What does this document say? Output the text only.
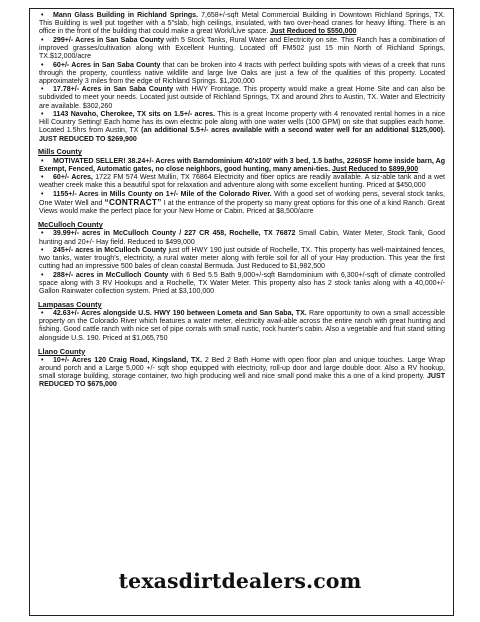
• Mann Glass Building in Richland Springs. 7,658+/-sqft Metal Commercial Building in Downtown Richland Springs, TX. This Building is well put together with a 5"slab, high ceilings, insulated, with two over-head cranes for heavy lifting. There is an office in the front of the building that could make a great Work/Live space. Just Reduced to $550,000
• 299+/- Acres in San Saba County with 5 Stock Tanks, Rural Water and Electricity on site. This Ranch has a combination of improved grasses/cultivation along with Excellent Hunting. Located off FM502 just 15 min North of Richland Springs, TX.$12,000/acre
• 60+/- Acres in San Saba County that can be broken into 4 tracts with perfect building spots with views of a creek that runs through the property, countless native wildlife and large live Oaks are just a few of the qualities of this property. Located approximately 3 miles from the edge of Richland Springs. $1,200,000
• 17.78+/- Acres in San Saba County with HWY Frontage. This property would make a great Home Site and can also be subdivided to meet your needs. Located just outside of Richland Springs, TX and around 2hrs to Austin, TX. Water and Electricity are available. $302,260
• 1143 Navaho, Cherokee, TX sits on 1.5+/- acres. This is a great Income property with 4 renovated rental homes in a nice Hill Country Setting! Each home has its own electric pole along with one water wells (100 GPM) on site that supplies each home. Located 1.5hrs from Austin, TX (an additional 5.5+/- acres available with a second water well for an additional $125,000). JUST REDUCED TO $269,900
Mills County
• MOTIVATED SELLER! 38.24+/- Acres with Barndominium 40'x100' with 3 bed, 1.5 baths, 2260SF home inside barn, Ag Exempt, Fenced, Automatic gates, no close neighbors, good hunting, many ameni-ties. Just Reduced to $899,900
• 60+/- Acres, 1722 FM 574 West Mullin, TX 76864 Electricity and fiber optics are readily available. A siz-able tank and a wet weather creek make this a beautiful spot for relaxation and adventure along with some excellent hunting. Priced at $450,000
• 1155+/- Acres in Mills County on 1+/- Mile of the Colorado River. With a good set of working pens, several stock tanks, One Water Well and “CONTRACT” I at the entrance of the property so many great options for this one of a kind Ranch. Great Views would make the perfect place for your New Home or Cabin. Priced at $8,500/acre
McCulloch County
• 39.99+/- acres in McCulloch County / 227 CR 458, Rochelle, TX 76872 Small Cabin, Water Meter, Stock Tank, Good hunting and 20+/- Hay field. Reduced to $499,000
• 245+/- acres in McCulloch County just off HWY 190 just outside of Rochelle, TX. This property has well-maintained fences, two tanks, water trough's, electricity, a rural water meter along with fertile soil for all of your Hay production. This year the first cutting had an impressive 500 bales of clean coastal Bermuda. Just Reduced to $1,982,500
• 288+/- acres in McCulloch County with 6 Bed 5.5 Bath 9,000+/-sqft Barndominium with 6,300+/-sqft of climate controlled space along with 3 RV Hookups and a Rochelle, TX Water Meter. This property also has 2 stock tanks along with a 40,000+/- Gallon Rainwater collection system. Pried at $3,100,000
Lampasas County
• 42.63+/- Acres alongside U.S. HWY 190 between Lometa and San Saba, TX. Rare opportunity to own a small accessible property on the Colorado River which features a water meter, electricity avail-able across the entire ranch with great hunting and fishing. Good cattle ranch with nice set of pipe corrals with small rustic, rock hunter's cabin. Also a vegetable and fruit stand sitting alongside U.S. 190. Priced at $1,065,750
Llano County
• 10+/- Acres 120 Craig Road, Kingsland, TX. 2 Bed 2 Bath Home with open floor plan and unique touches. Large Wrap around porch and a Large 5,000 +/- sqft shop equipped with electricity, roll-up door and large double door. Also a RV hookup, small storage building, storage container, two high producing well and nice small pond make this a one of a kind property. JUST REDUCED TO $675,000
texasdirtdealers.com
